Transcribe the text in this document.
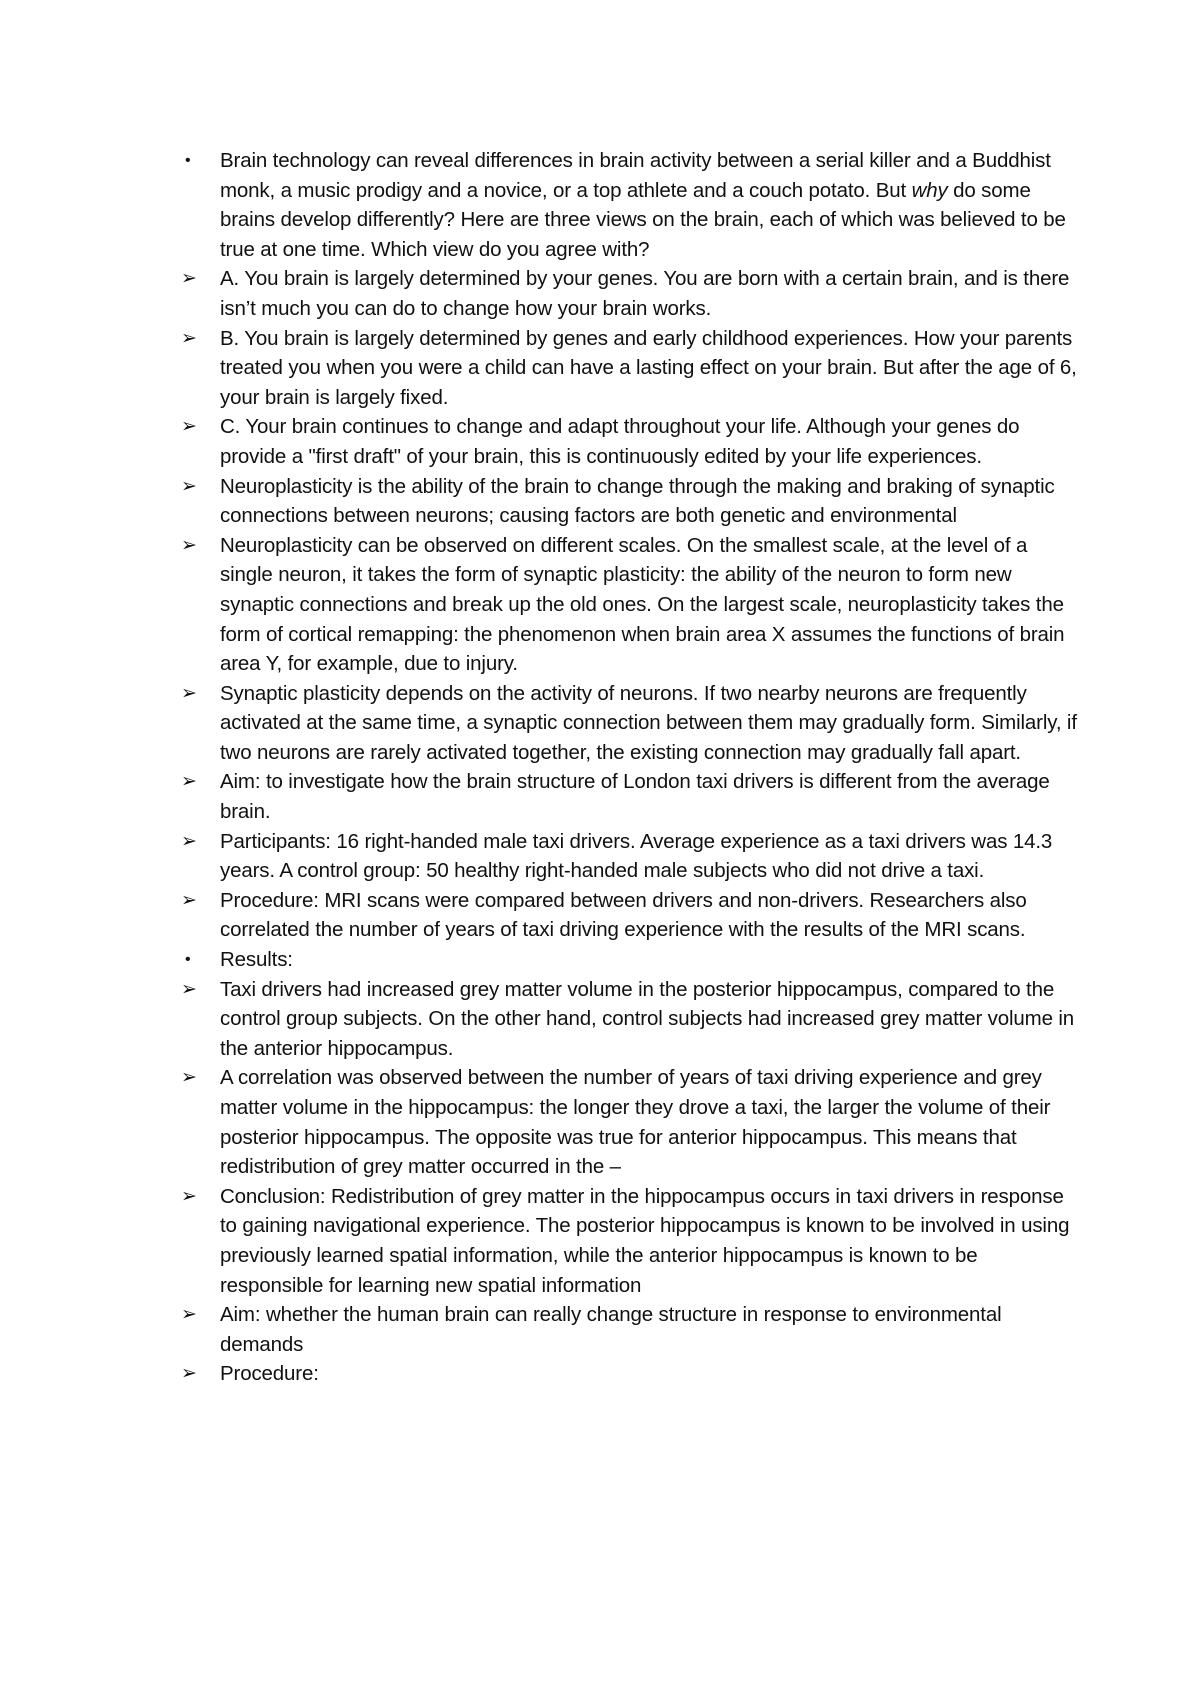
•	Brain technology can reveal differences in brain activity between a serial killer and a Buddhist monk, a music prodigy and a novice, or a top athlete and a couch potato. But why do some brains develop differently? Here are three views on the brain, each of which was believed to be true at one time. Which view do you agree with?
➢	A. You brain is largely determined by your genes. You are born with a certain brain, and is there isn’t much you can do to change how your brain works.
➢	B. You brain is largely determined by genes and early childhood experiences. How your parents treated you when you were a child can have a lasting effect on your brain. But after the age of 6, your brain is largely fixed.
➢	C. Your brain continues to change and adapt throughout your life. Although your genes do provide a "first draft" of your brain, this is continuously edited by your life experiences.
➢	Neuroplasticity is the ability of the brain to change through the making and braking of synaptic connections between neurons; causing factors are both genetic and environmental
➢	Neuroplasticity can be observed on different scales. On the smallest scale, at the level of a single neuron, it takes the form of synaptic plasticity: the ability of the neuron to form new synaptic connections and break up the old ones. On the largest scale, neuroplasticity takes the form of cortical remapping: the phenomenon when brain area X assumes the functions of brain area Y, for example, due to injury.
➢	Synaptic plasticity depends on the activity of neurons. If two nearby neurons are frequently activated at the same time, a synaptic connection between them may gradually form. Similarly, if two neurons are rarely activated together, the existing connection may gradually fall apart.
➢	Aim: to investigate how the brain structure of London taxi drivers is different from the average brain.
➢	Participants: 16 right-handed male taxi drivers. Average experience as a taxi drivers was 14.3 years. A control group: 50 healthy right-handed male subjects who did not drive a taxi.
➢	Procedure: MRI scans were compared between drivers and non-drivers. Researchers also correlated the number of years of taxi driving experience with the results of the MRI scans.
•	Results:
➢	Taxi drivers had increased grey matter volume in the posterior hippocampus, compared to the control group subjects. On the other hand, control subjects had increased grey matter volume in the anterior hippocampus.
➢	A correlation was observed between the number of years of taxi driving experience and grey matter volume in the hippocampus: the longer they drove a taxi, the larger the volume of their posterior hippocampus. The opposite was true for anterior hippocampus. This means that redistribution of grey matter occurred in the –
➢	Conclusion: Redistribution of grey matter in the hippocampus occurs in taxi drivers in response to gaining navigational experience. The posterior hippocampus is known to be involved in using previously learned spatial information, while the anterior hippocampus is known to be responsible for learning new spatial information
➢	Aim: whether the human brain can really change structure in response to environmental demands
➢	Procedure:
